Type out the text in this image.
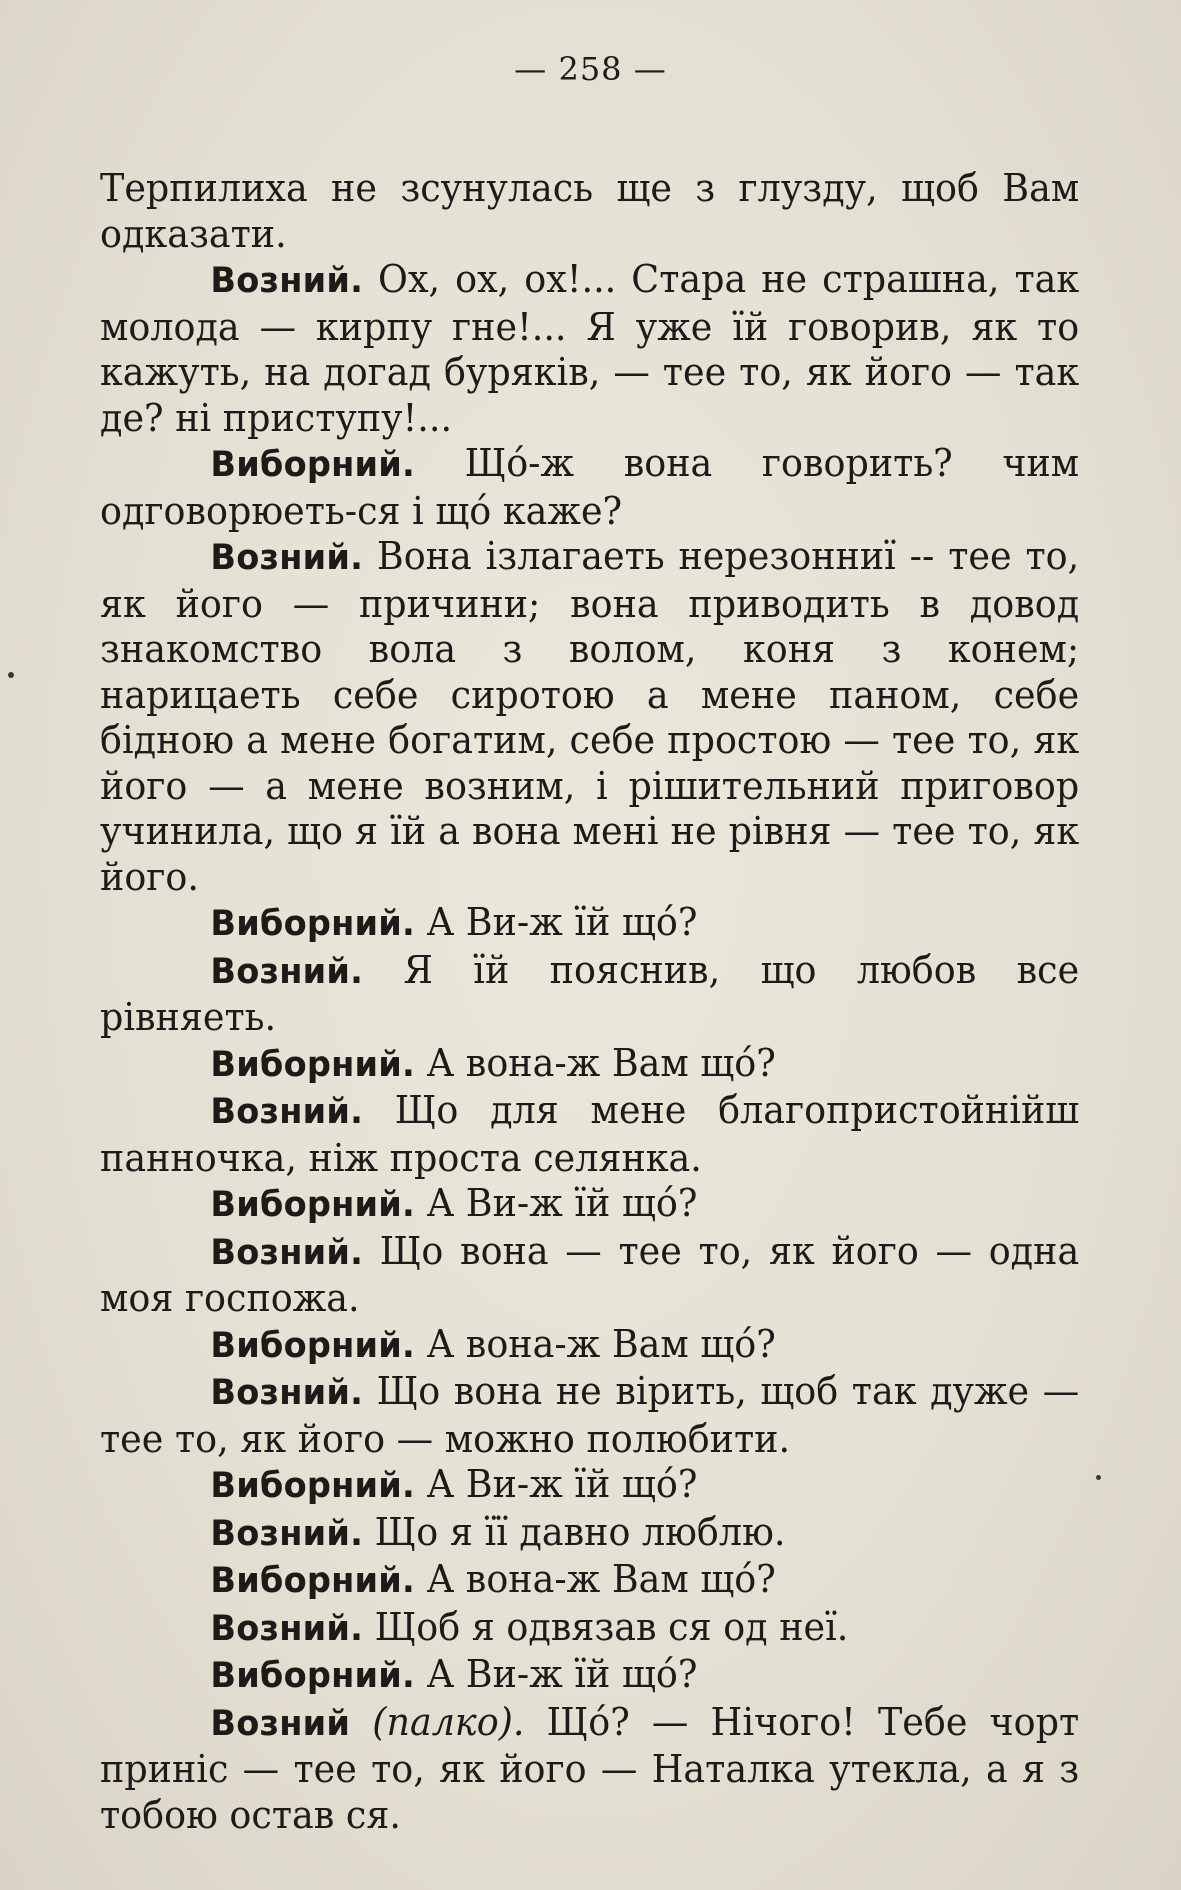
— 258 —

Терпилиха не зсунулась ще з глузду, щоб Вам одказати.

Возний. Ох, ох, ох!... Стара не страшна, так молода — кирпу гне!... Я уже їй говорив, як то кажуть, на догад буряків, — тее то, як його — так де? ні приступу!...

Виборний. Щó-ж вона говорить? чим одговорюеть-ся і щó каже?

Возний. Вона ізлагаеть нерезонниї -- тее то, як його — причини; вона приводить в довод знакомство вола з волом, коня з конем; нарицаеть себе сиротою а мене паном, себе бідною а мене богатим, себе простою — тее то, як його — а мене возним, і рішительний приговор учинила, що я їй а вона мені не рівня — тее то, як його.

Виборний. А Ви-ж їй щó?

Возний. Я їй пояснив, що любов все рівняеть.

Виборний. А вона-ж Вам щó?

Возний. Що для мене благопристойнійш панночка, ніж проста селянка.

Виборний. А Ви-ж їй щó?

Возний. Що вона — тее то, як його — одна моя госпожа.

Виборний. А вона-ж Вам щó?

Возний. Що вона не вірить, щоб так дуже — тее то, як його — можно полюбити.

Виборний. А Ви-ж їй щó?

Возний. Що я її давно люблю.

Виборний. А вона-ж Вам щó?

Возний. Щоб я одвязав ся од неї.

Виборний. А Ви-ж їй щó?

Возний (палко). Щó? — Нічого! Тебе чорт приніс — тее то, як його — Наталка утекла, а я з тобою остав ся.
